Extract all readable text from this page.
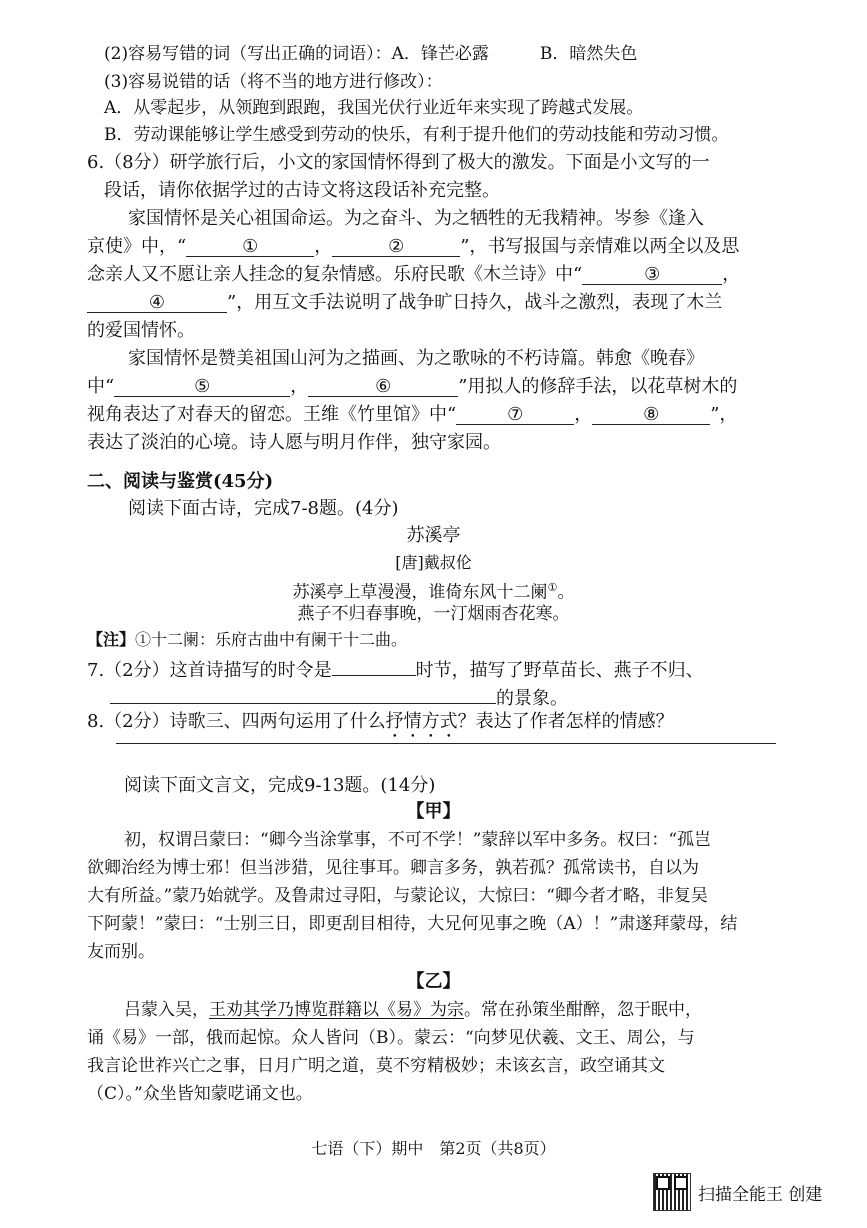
(2)容易写错的词（写出正确的词语）：A．锋芒必露　　　B．暗然失色
(3)容易说错的话（将不当的地方进行修改）：
A．从零起步，从领跑到跟跑，我国光伏行业近年来实现了跨越式发展。
B．劳动课能够让学生感受到劳动的快乐，有利于提升他们的劳动技能和劳动习惯。
6.（8分）研学旅行后，小文的家国情怀得到了极大的激发。下面是小文写的一
段话，请你依据学过的古诗文将这段话补充完整。
家国情怀是关心祖国命运。为之奋斗、为之牺牲的无我精神。岑参《逢入
京使》中，“	①	，	②	”，书写报国与亲情难以两全以及思
念亲人又不愿让亲人挂念的复杂情感。乐府民歌《木兰诗》中“	③	，
④	”，用互文手法说明了战争旷日持久，战斗之激烈，表现了木兰
的爱国情怀。
家国情怀是赞美祖国山河为之描画、为之歌咏的不朽诗篇。韩愈《晚春》
中“	⑤	，	⑥	”用拟人的修辞手法，以花草树木的
视角表达了对春天的留恋。王维《竹里馆》中“	⑦	，	⑧	”，
表达了淡泊的心境。诗人愿与明月作伴，独守家园。
二、阅读与鉴赏(45分)
阅读下面古诗，完成7-8题。(4分)
苏溪亭
[唐]戴叔伦
苏溪亭上草漫漫，谁倚东风十二阑①。
燕子不归春事晚，一汀烟雨杏花寒。
【注】①十二阑：乐府古曲中有阑干十二曲。
7.（2分）这首诗描写的时令是	时节，描写了野草苗长、燕子不归、
的景象。
8.（2分）诗歌三、四两句运用了什么抒情方式？表达了作者怎样的情感？
阅读下面文言文，完成9-13题。(14分)
【甲】
初，权谓吕蒙曰：“卿今当涂掌事，不可不学！”蒙辞以军中多务。权曰：“孤岂
欲卿治经为博士邪！但当涉猎，见往事耳。卿言多务，孰若孤？孤常读书，自以为
大有所益。”蒙乃始就学。及鲁肃过寻阳，与蒙论议，大惊曰：“卿今者才略，非复吴
下阿蒙！”蒙曰：“士别三日，即更刮目相待，大兄何见事之晚（A）！”肃遂拜蒙母，结
友而别。
【乙】
吕蒙入吴，王劝其学乃博览群籍以《易》为宗。常在孙策坐酣醉，忽于眠中，
诵《易》一部，俄而起惊。众人皆问（B）。蒙云：“向梦见伏羲、文王、周公，与
我言论世祚兴亡之事，日月广明之道，莫不穷精极妙；未该玄言，政空诵其文
（C）。”众坐皆知蒙呓诵文也。
七语（下）期中　第2页（共8页）
扫描全能王 创建
